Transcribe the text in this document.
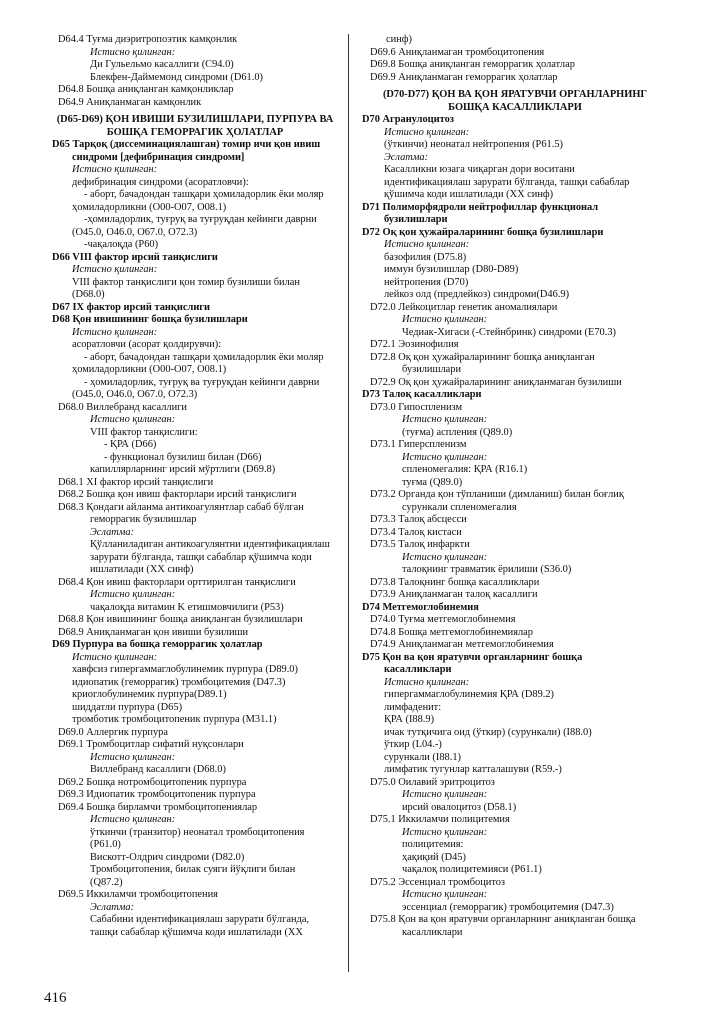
D64.4 Туғма диэритропоэтик камқонлик
Истисно қилинган:
Ди Гульельмо касаллиги (C94.0)
Блекфен-Даймемонд синдроми (D61.0)
D64.8 Бошқа аниқланган камқонликлар
D64.9 Аниқланмаган камқонлик
(D65-D69) ҚОН ИВИШИ БУЗИЛИШЛАРИ, ПУРПУРА ВА
БОШҚА ГЕМОРРАГИК ҲОЛАТЛАР
D65 Тарқоқ (диссеминациялашган) томир ичи қон ивиш
синдроми [дефибринация синдроми]
Истисно қилинган:
дефибринация синдроми (асоратловчи):
- аборт, бачадондан ташқари ҳомиладорлик ёки моляр
ҳомиладорликни (O00-O07, O08.1)
-ҳомиладорлик, туғруқ ва туғруқдан кейинги даврни
(O45.0, O46.0, O67.0, O72.3)
-чақалоқда (P60)
D66 VIII фактор ирсий танқислиги
Истисно қилинган:
VIII фактор танқислиги қон томир бузилиши билан
(D68.0)
D67 IX фактор ирсий танқислиги
D68 Қон ивишининг бошқа бузилишлари
Истисно қилинган:
асоратловчи (асорат қолдирувчи):
- аборт, бачадондан ташқари ҳомиладорлик ёки моляр
ҳомиладорликни (O00-O07, O08.1)
- ҳомиладорлик, туғруқ ва туғруқдан кейинги даврни
(O45.0, O46.0, O67.0, O72.3)
D68.0 Виллебранд касаллиги
Истисно қилинган:
VIII фактор танқислиги:
- ҚРА (D66)
- функционал бузилиш билан (D66)
капиллярларнинг ирсий мўртлиги (D69.8)
D68.1 XI фактор ирсий танқислиги
D68.2 Бошқа қон ивиш факторлари ирсий танқислиги
D68.3 Қондаги айланма антикоагулянтлар сабаб бўлган
геморрагик бузилишлар
Эслатма:
Қўлланиладиган антикоагулянтни идентификациялаш
зарурати бўлганда, ташқи сабаблар қўшимча коди
ишлатилади (XX синф)
D68.4 Қон ивиш факторлари орттирилган танқислиги
Истисно қилинган:
чақалоқда витамин K етишмовчилиги (P53)
D68.8 Қон ивишининг бошқа аниқланган бузилишлари
D68.9 Аниқланмаган қон ивиши бузилиши
D69 Пурпура ва бошқа геморрагик ҳолатлар
Истисно қилинган:
хавфсиз гипергаммаглобулинемик пурпура (D89.0)
идиопатик (геморрагик) тромбоцитемия (D47.3)
криоглобулинемик пурпура(D89.1)
шиддатли пурпура (D65)
тромботик тромбоцитопеник пурпура (M31.1)
D69.0 Аллергик пурпура
D69.1 Тромбоцитлар сифатий нуқсонлари
Истисно қилинган:
Виллебранд касаллиги (D68.0)
D69.2 Бошқа нотромбоцитопеник пурпура
D69.3 Идиопатик тромбоцитопеник пурпура
D69.4 Бошқа бирламчи тромбоцитопениялар
Истисно қилинган:
ўткинчи (транзитор) неонатал тромбоцитопения
(P61.0)
Вискотт-Олдрич синдроми (D82.0)
Тромбоцитопения, билак суяги йўқлиги билан
(Q87.2)
D69.5 Иккиламчи тромбоцитопения
Эслатма:
Сабабини идентификациялаш зарурати бўлганда,
ташқи сабаблар қўшимча коди ишлатилади (XX
синф)
D69.6 Аниқланмаган тромбоцитопения
D69.8 Бошқа аниқланган геморрагик ҳолатлар
D69.9 Аниқланмаган геморрагик ҳолатлар
(D70-D77) ҚОН ВА ҚОН ЯРАТУВЧИ ОРГАНЛАРНИНГ
БОШҚА КАСАЛЛИКЛАРИ
D70 Агранулоцитоз
Истисно қилинган:
(ўткинчи) неонатал нейтропения (P61.5)
Эслатма:
Касалликни юзага чиқарган дори воситани
идентификациялаш зарурати бўлганда, ташқи сабаблар
қўшимча коди ишлатилади (XX синф)
D71 Полиморфядроли нейтрофиллар функционал
бузилишлари
D72 Оқ қон ҳужайраларининг бошқа бузилишлари
Истисно қилинган:
базофилия (D75.8)
иммун бузилишлар (D80-D89)
нейтропения (D70)
лейкоз олд (предлейкоз) синдроми(D46.9)
D72.0 Лейкоцитлар генетик аномалиялари
Истисно қилинган:
Чедиак-Хигаси (-Стейнбринк) синдроми (E70.3)
D72.1 Эозинофилия
D72.8 Оқ қон ҳужайраларининг бошқа аниқланган
бузилишлари
D72.9 Оқ қон ҳужайраларининг аниқланмаган бузилиши
D73 Талоқ касалликлари
D73.0 Гипоспленизм
Истисно қилинган:
(туғма) аспления (Q89.0)
D73.1 Гиперспленизм
Истисно қилинган:
спленомегалия: ҚРА (R16.1)
туғма (Q89.0)
D73.2 Органда қон тўпланиши (димланиш) билан боғлиқ
сурункали спленомегалия
D73.3 Талоқ абсцесси
D73.4 Талоқ кистаси
D73.5 Талоқ инфаркти
Истисно қилинган:
талоқнинг травматик ёрилиши (S36.0)
D73.8 Талоқнинг бошқа касалликлари
D73.9 Аниқланмаган талоқ касаллиги
D74 Метгемоглобинемия
D74.0 Туғма метгемоглобинемия
D74.8 Бошқа метгемоглобинемиялар
D74.9 Аниқланмаган метгемоглобинемия
D75 Қон ва қон яратувчи органларнинг бошқа
касалликлари
Истисно қилинган:
гипергаммаглобулинемия ҚРА (D89.2)
лимфаденит:
ҚРА (I88.9)
ичак тутқичига оид (ўткир) (сурункали) (I88.0)
ўткир (L04.-)
сурункали (I88.1)
лимфатик тугунлар катталашуви (R59.-)
D75.0 Оилавий эритроцитоз
Истисно қилинган:
ирсий овалоцитоз (D58.1)
D75.1 Иккиламчи полицитемия
Истисно қилинган:
полицитемия:
ҳақиқий (D45)
чақалоқ полицитемияси (P61.1)
D75.2 Эссенциал тромбоцитоз
Истисно қилинган:
эссенциал (геморрагик) тромбоцитемия (D47.3)
D75.8 Қон ва қон яратувчи органларнинг аниқланган бошқа
касалликлари
416
